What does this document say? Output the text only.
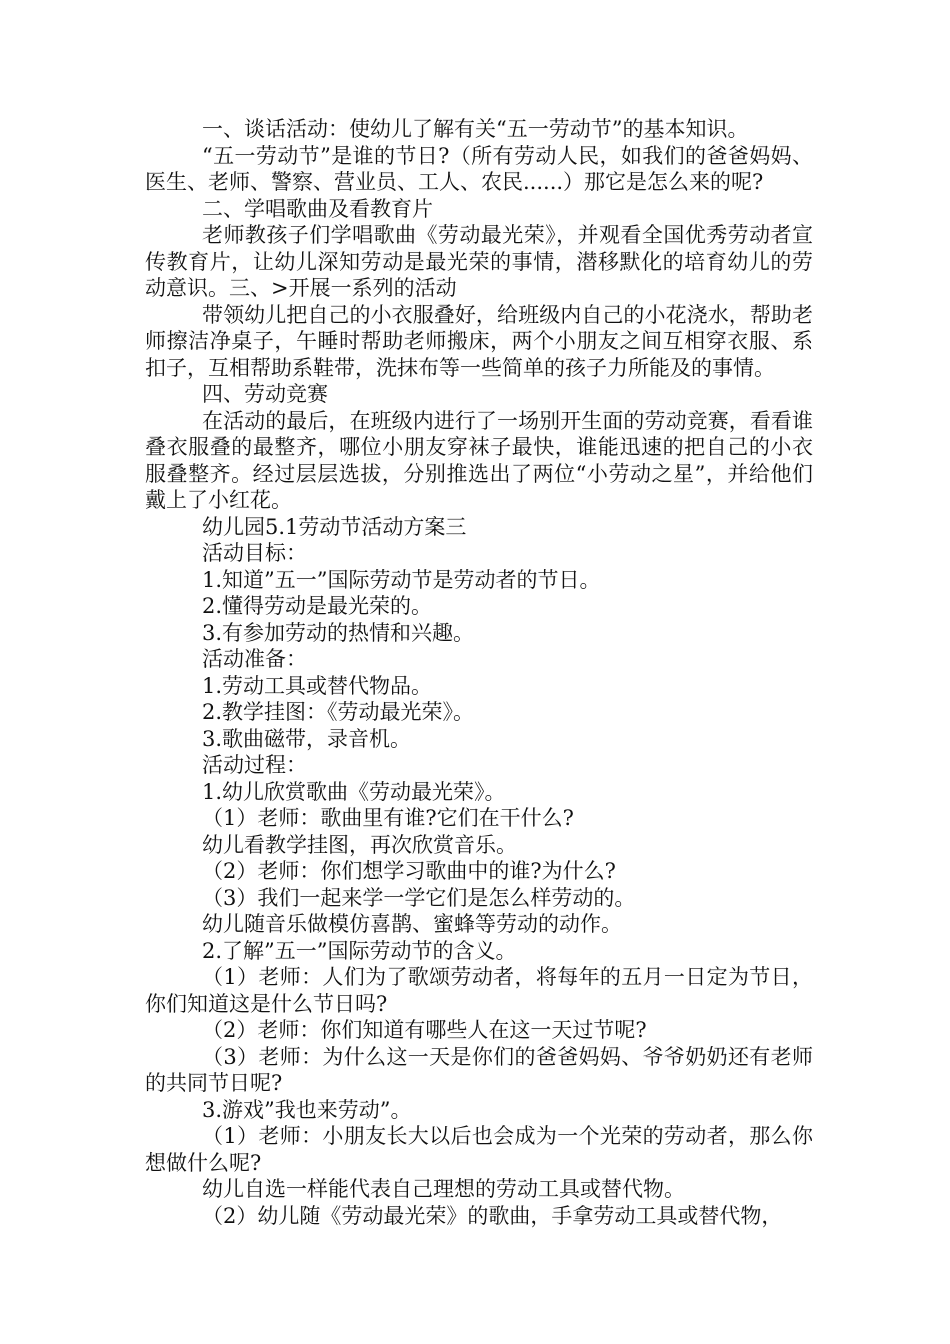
一、谈话活动：使幼儿了解有关“五一劳动节”的基本知识。

“五一劳动节”是谁的节日?（所有劳动人民，如我们的爸爸妈妈、医生、老师、警察、营业员、工人、农民......）那它是怎么来的呢?

二、学唱歌曲及看教育片

老师教孩子们学唱歌曲《劳动最光荣》，并观看全国优秀劳动者宣传教育片，让幼儿深知劳动是最光荣的事情，潜移默化的培育幼儿的劳动意识。三、>开展一系列的活动

带领幼儿把自己的小衣服叠好，给班级内自己的小花浇水，帮助老师擦洁净桌子，午睡时帮助老师搬床，两个小朋友之间互相穿衣服、系扣子，互相帮助系鞋带，洗抹布等一些简单的孩子力所能及的事情。

四、劳动竞赛

在活动的最后，在班级内进行了一场别开生面的劳动竞赛，看看谁叠衣服叠的最整齐，哪位小朋友穿袜子最快，谁能迅速的把自己的小衣服叠整齐。经过层层选拔，分别推选出了两位“小劳动之星”，并给他们戴上了小红花。

幼儿园5.1劳动节活动方案三

活动目标：

1.知道”五一”国际劳动节是劳动者的节日。

2.懂得劳动是最光荣的。

3.有参加劳动的热情和兴趣。

活动准备：

1.劳动工具或替代物品。

2.教学挂图：《劳动最光荣》。

3.歌曲磁带，录音机。

活动过程：

1.幼儿欣赏歌曲《劳动最光荣》。

（1）老师：歌曲里有谁?它们在干什么?

幼儿看教学挂图，再次欣赏音乐。

（2）老师：你们想学习歌曲中的谁?为什么?

（3）我们一起来学一学它们是怎么样劳动的。

幼儿随音乐做模仿喜鹊、蜜蜂等劳动的动作。

2.了解”五一”国际劳动节的含义。

（1）老师：人们为了歌颂劳动者，将每年的五月一日定为节日，你们知道这是什么节日吗?

（2）老师：你们知道有哪些人在这一天过节呢?

（3）老师：为什么这一天是你们的爸爸妈妈、爷爷奶奶还有老师的共同节日呢?

3.游戏”我也来劳动”。

（1）老师：小朋友长大以后也会成为一个光荣的劳动者，那么你想做什么呢?

幼儿自选一样能代表自己理想的劳动工具或替代物。

（2）幼儿随《劳动最光荣》的歌曲，手拿劳动工具或替代物，
